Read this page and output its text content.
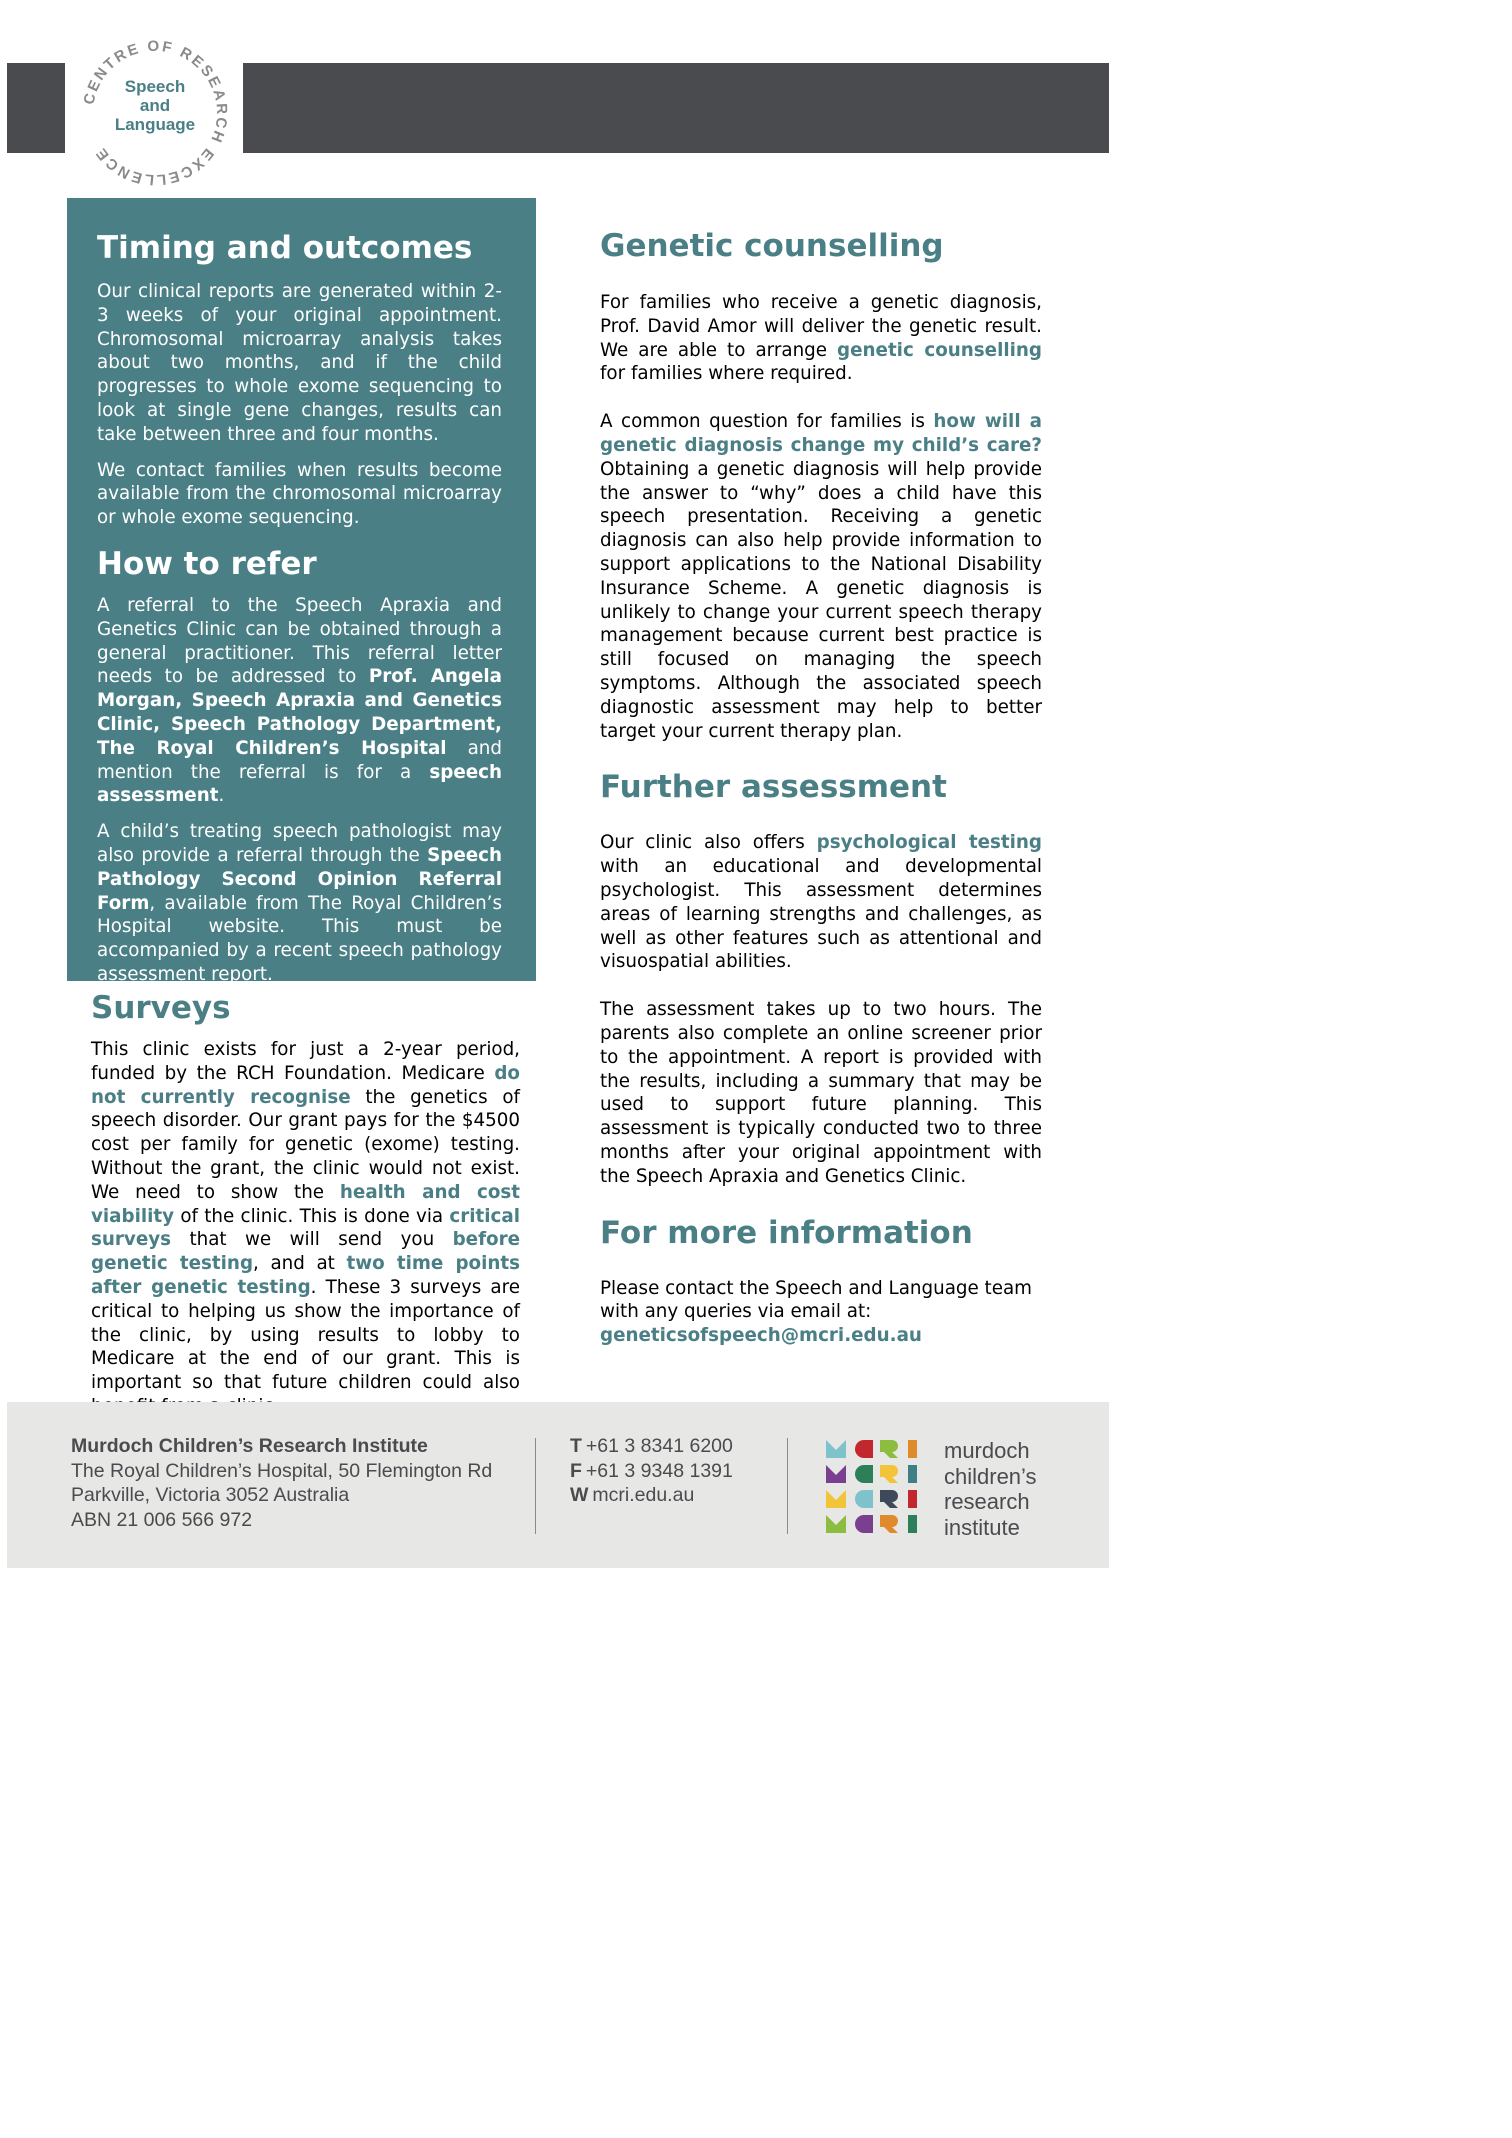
CENTRE OF RESEARCH EXCELLENCE
Speech
and
Language
Timing and outcomes

Our clinical reports are generated within 2-3 weeks of your original appointment. Chromosomal microarray analysis takes about two months, and if the child progresses to whole exome sequencing to look at single gene changes, results can take between three and four months.

We contact families when results become available from the chromosomal microarray or whole exome sequencing.

How to refer

A referral to the Speech Apraxia and Genetics Clinic can be obtained through a general practitioner. This referral letter needs to be addressed to Prof. Angela Morgan, Speech Apraxia and Genetics Clinic, Speech Pathology Department, The Royal Children’s Hospital and mention the referral is for a speech assessment.

A child’s treating speech pathologist may also provide a referral through the Speech Pathology Second Opinion Referral Form, available from The Royal Children’s Hospital website. This must be accompanied by a recent speech pathology assessment report.

Surveys

This clinic exists for just a 2-year period, funded by the RCH Foundation. Medicare do not currently recognise the genetics of speech disorder. Our grant pays for the $4500 cost per family for genetic (exome) testing. Without the grant, the clinic would not exist. We need to show the health and cost viability of the clinic. This is done via critical surveys that we will send you before genetic testing, and at two time points after genetic testing. These 3 surveys are critical to helping us show the importance of the clinic, by using results to lobby to Medicare at the end of our grant. This is important so that future children could also

Genetic counselling

For families who receive a genetic diagnosis, Prof. David Amor will deliver the genetic result. We are able to arrange genetic counselling for families where required.

A common question for families is how will a genetic diagnosis change my child’s care? Obtaining a genetic diagnosis will help provide the answer to “why” does a child have this speech presentation. Receiving a genetic diagnosis can also help provide information to support applications to the National Disability Insurance Scheme. A genetic diagnosis is unlikely to change your current speech therapy management because current best practice is still focused on managing the speech symptoms. Although the associated speech diagnostic assessment may help to better target your current therapy plan.

Further assessment

Our clinic also offers psychological testing with an educational and developmental psychologist. This assessment determines areas of learning strengths and challenges, as well as other features such as attentional and visuospatial abilities.

The assessment takes up to two hours. The parents also complete an online screener prior to the appointment. A report is provided with the results, including a summary that may be used to support future planning. This assessment is typically conducted two to three months after your original appointment with the Speech Apraxia and Genetics Clinic.

For more information

Please contact the Speech and Language team with any queries via email at:

geneticsofspeech@mcri.edu.au

Murdoch Children’s Research Institute
The Royal Children’s Hospital, 50 Flemington Rd
Parkville, Victoria 3052 Australia
ABN 21 006 566 972
T +61 3 8341 6200
F +61 3 9348 1391
W mcri.edu.au
murdoch
children’s
research
institute
